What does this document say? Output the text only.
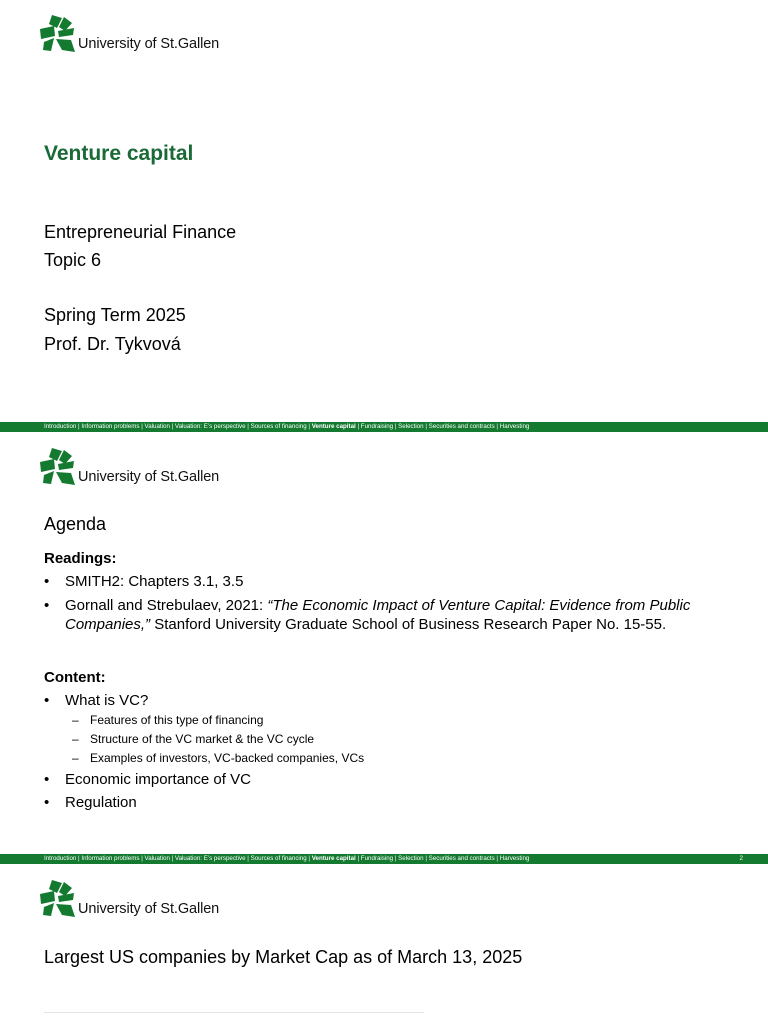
University of St.Gallen
Venture capital
Entrepreneurial Finance
Topic 6
Spring Term 2025
Prof. Dr. Tykvová
Introduction | Information problems | Valuation | Valuation: E’s perspective | Sources of financing | Venture capital | Fundraising | Selection | Securities and contracts | Harvesting
University of St.Gallen
Agenda
Readings:
• SMITH2: Chapters 3.1, 3.5
• Gornall and Strebulaev, 2021: “The Economic Impact of Venture Capital: Evidence from Public Companies,” Stanford University Graduate School of Business Research Paper No. 15-55.
Content:
• What is VC?
– Features of this type of financing
– Structure of the VC market & the VC cycle
– Examples of investors, VC-backed companies, VCs
• Economic importance of VC
• Regulation
Introduction | Information problems | Valuation | Valuation: E’s perspective | Sources of financing | Venture capital | Fundraising | Selection | Securities and contracts | Harvesting	2
University of St.Gallen
Largest US companies by Market Cap as of March 13, 2025
